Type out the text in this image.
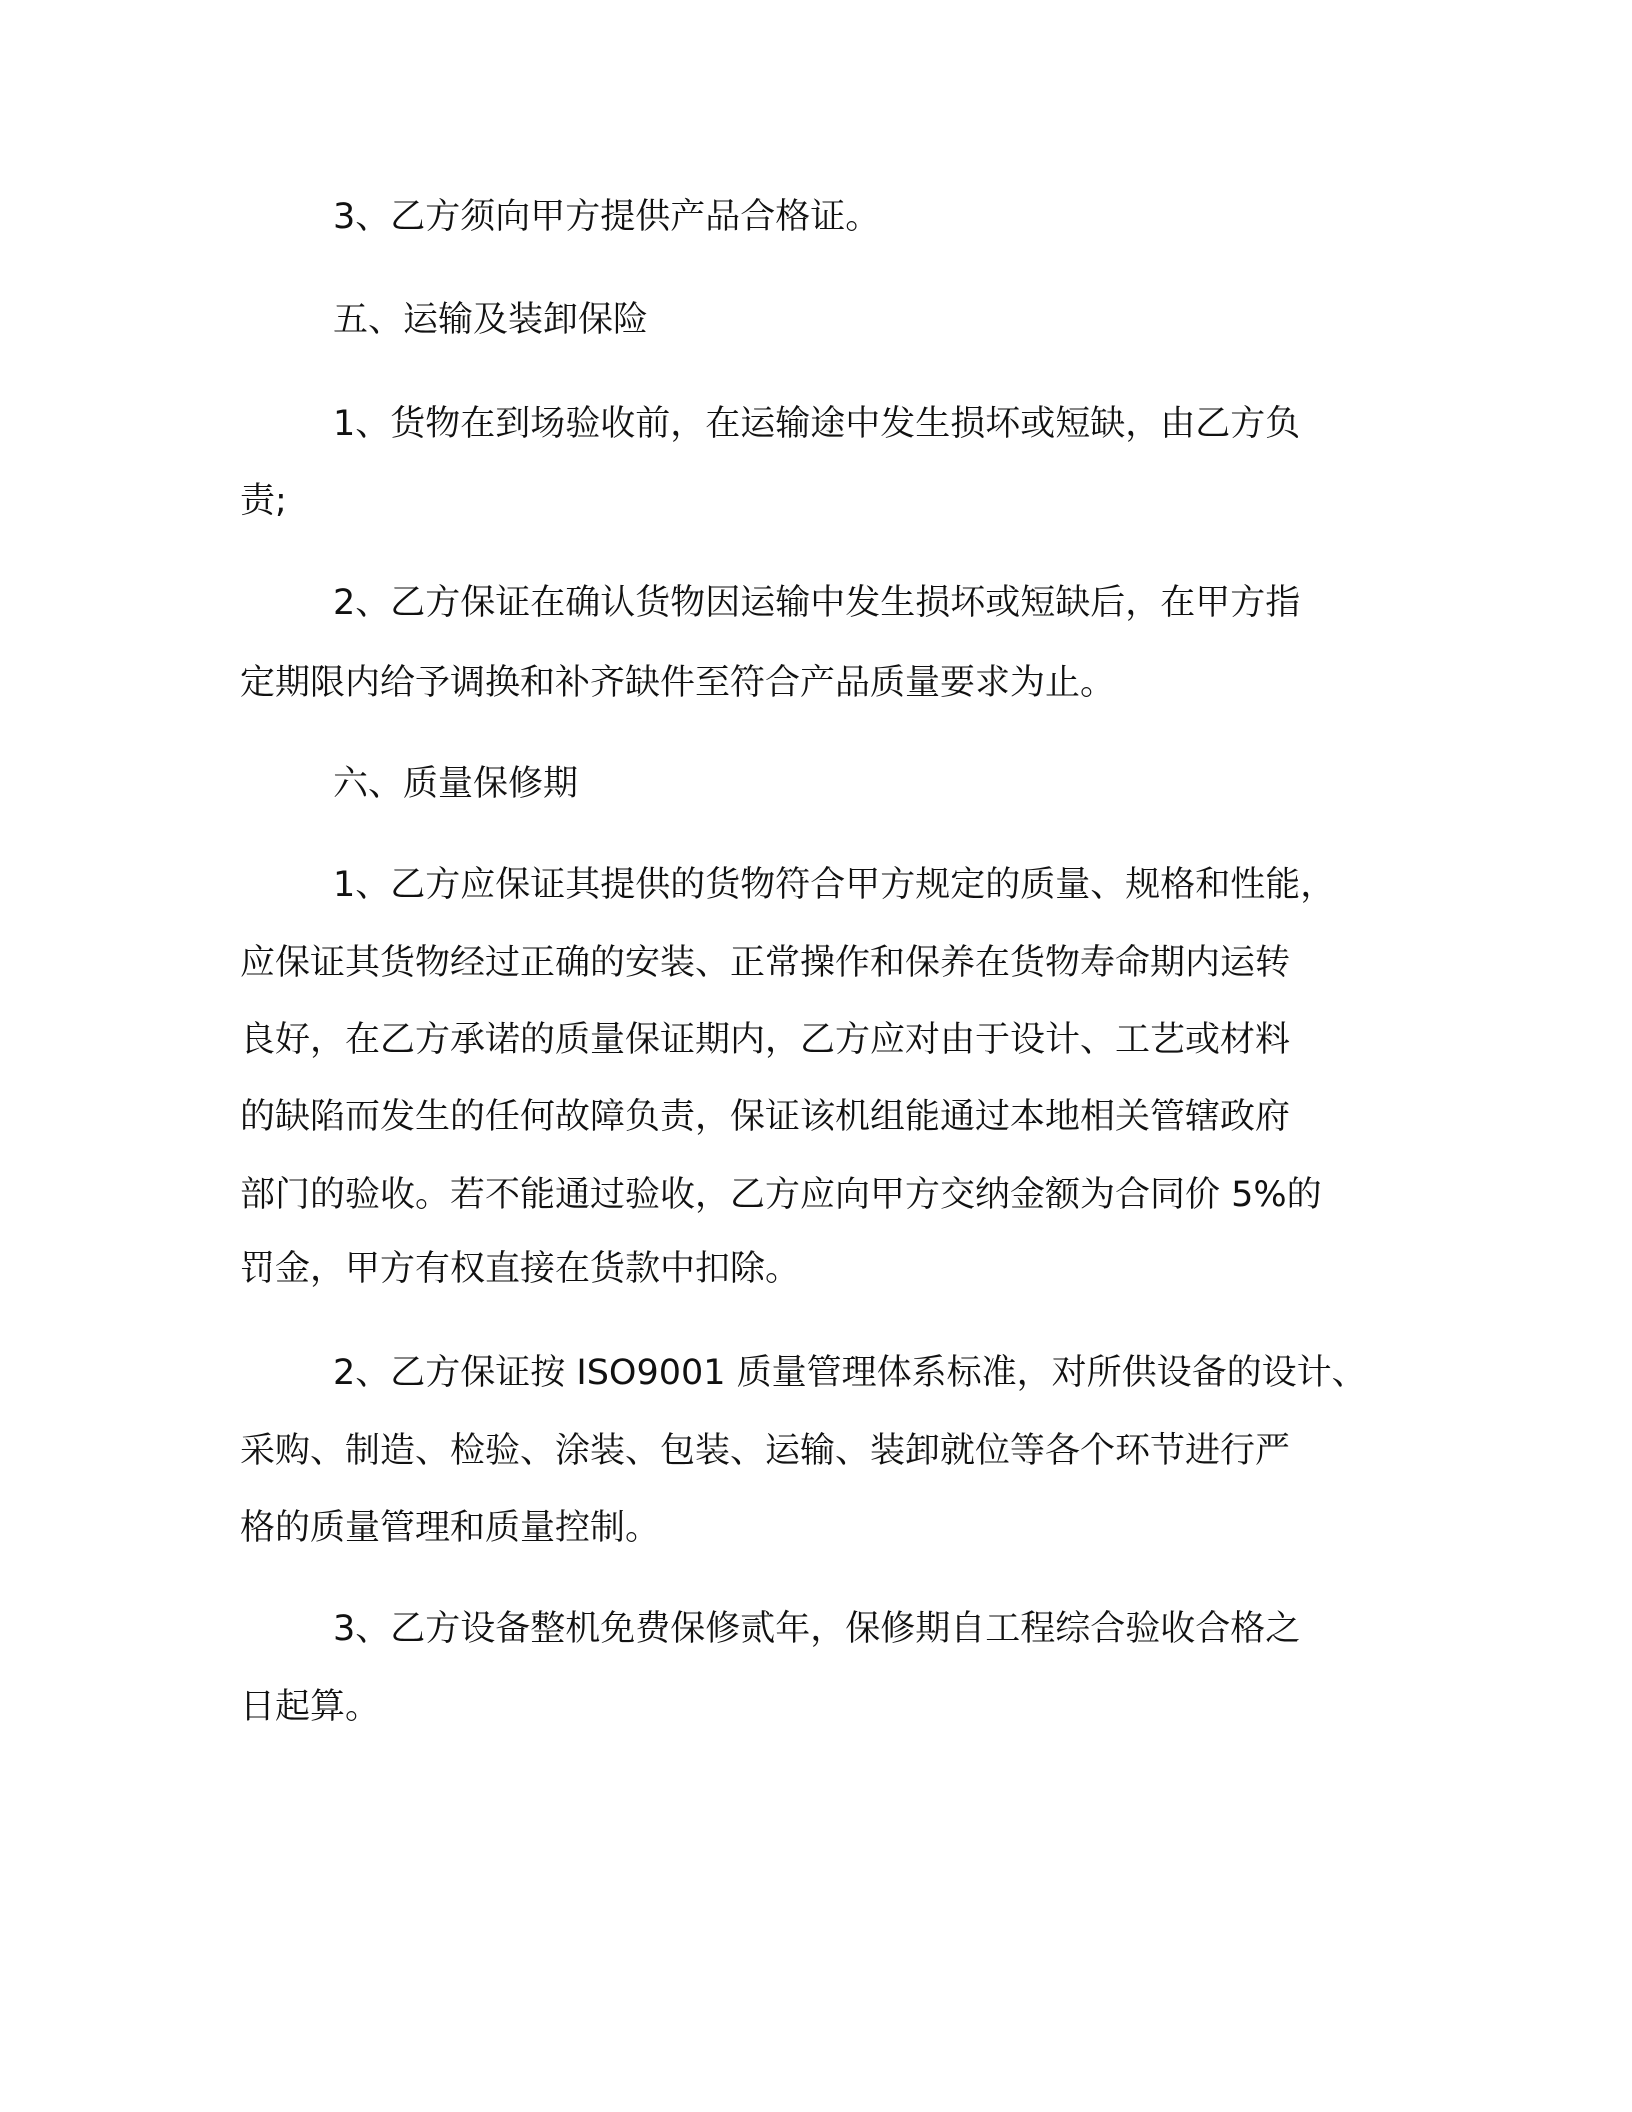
3、乙方须向甲方提供产品合格证。
五、运输及装卸保险
1、货物在到场验收前，在运输途中发生损坏或短缺，由乙方负
责;
2、乙方保证在确认货物因运输中发生损坏或短缺后，在甲方指
定期限内给予调换和补齐缺件至符合产品质量要求为止。
六、质量保修期
1、乙方应保证其提供的货物符合甲方规定的质量、规格和性能，
应保证其货物经过正确的安装、正常操作和保养在货物寿命期内运转
良好，在乙方承诺的质量保证期内，乙方应对由于设计、工艺或材料
的缺陷而发生的任何故障负责，保证该机组能通过本地相关管辖政府
部门的验收。若不能通过验收，乙方应向甲方交纳金额为合同价 5%的
罚金，甲方有权直接在货款中扣除。
2、乙方保证按 ISO9001 质量管理体系标准，对所供设备的设计、
采购、制造、检验、涂装、包装、运输、装卸就位等各个环节进行严
格的质量管理和质量控制。
3、乙方设备整机免费保修贰年，保修期自工程综合验收合格之
日起算。
